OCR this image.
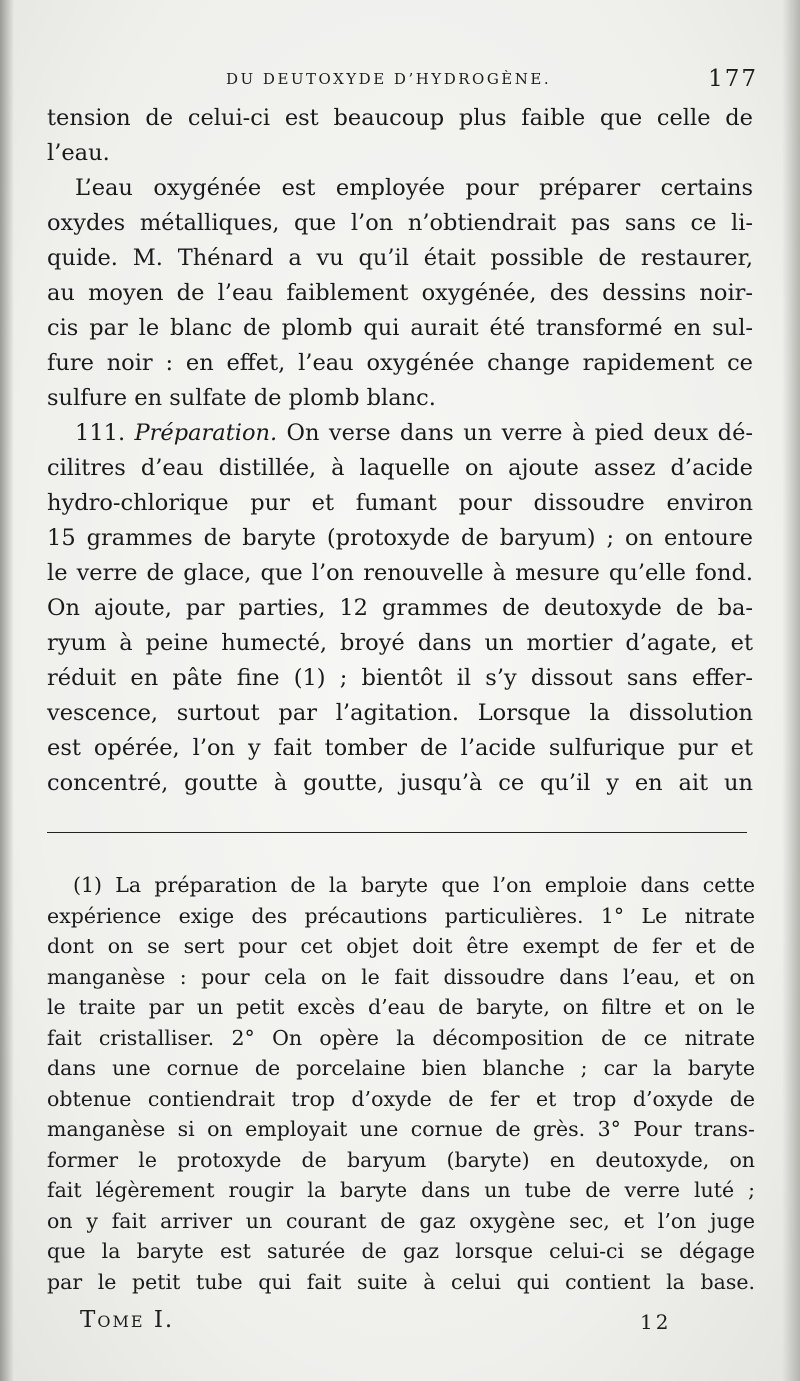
DU DEUTOXYDE D’HYDROGÈNE.	177
tension de celui-ci est beaucoup plus faible que celle de
l’eau.
L’eau oxygénée est employée pour préparer certains
oxydes métalliques, que l’on n’obtiendrait pas sans ce li-
quide. M. Thénard a vu qu’il était possible de restaurer,
au moyen de l’eau faiblement oxygénée, des dessins noir-
cis par le blanc de plomb qui aurait été transformé en sul-
fure noir : en effet, l’eau oxygénée change rapidement ce
sulfure en sulfate de plomb blanc.
111. Préparation. On verse dans un verre à pied deux dé-
cilitres d’eau distillée, à laquelle on ajoute assez d’acide
hydro-chlorique pur et fumant pour dissoudre environ
15 grammes de baryte (protoxyde de baryum) ; on entoure
le verre de glace, que l’on renouvelle à mesure qu’elle fond.
On ajoute, par parties, 12 grammes de deutoxyde de ba-
ryum à peine humecté, broyé dans un mortier d’agate, et
réduit en pâte fine (1) ; bientôt il s’y dissout sans effer-
vescence, surtout par l’agitation. Lorsque la dissolution
est opérée, l’on y fait tomber de l’acide sulfurique pur et
concentré, goutte à goutte, jusqu’à ce qu’il y en ait un
(1) La préparation de la baryte que l’on emploie dans cette
expérience exige des précautions particulières. 1° Le nitrate
dont on se sert pour cet objet doit être exempt de fer et de
manganèse : pour cela on le fait dissoudre dans l’eau, et on
le traite par un petit excès d’eau de baryte, on filtre et on le
fait cristalliser. 2° On opère la décomposition de ce nitrate
dans une cornue de porcelaine bien blanche ; car la baryte
obtenue contiendrait trop d’oxyde de fer et trop d’oxyde de
manganèse si on employait une cornue de grès. 3° Pour trans-
former le protoxyde de baryum (baryte) en deutoxyde, on
fait légèrement rougir la baryte dans un tube de verre luté ;
on y fait arriver un courant de gaz oxygène sec, et l’on juge
que la baryte est saturée de gaz lorsque celui-ci se dégage
par le petit tube qui fait suite à celui qui contient la base.
Tome I.	12
